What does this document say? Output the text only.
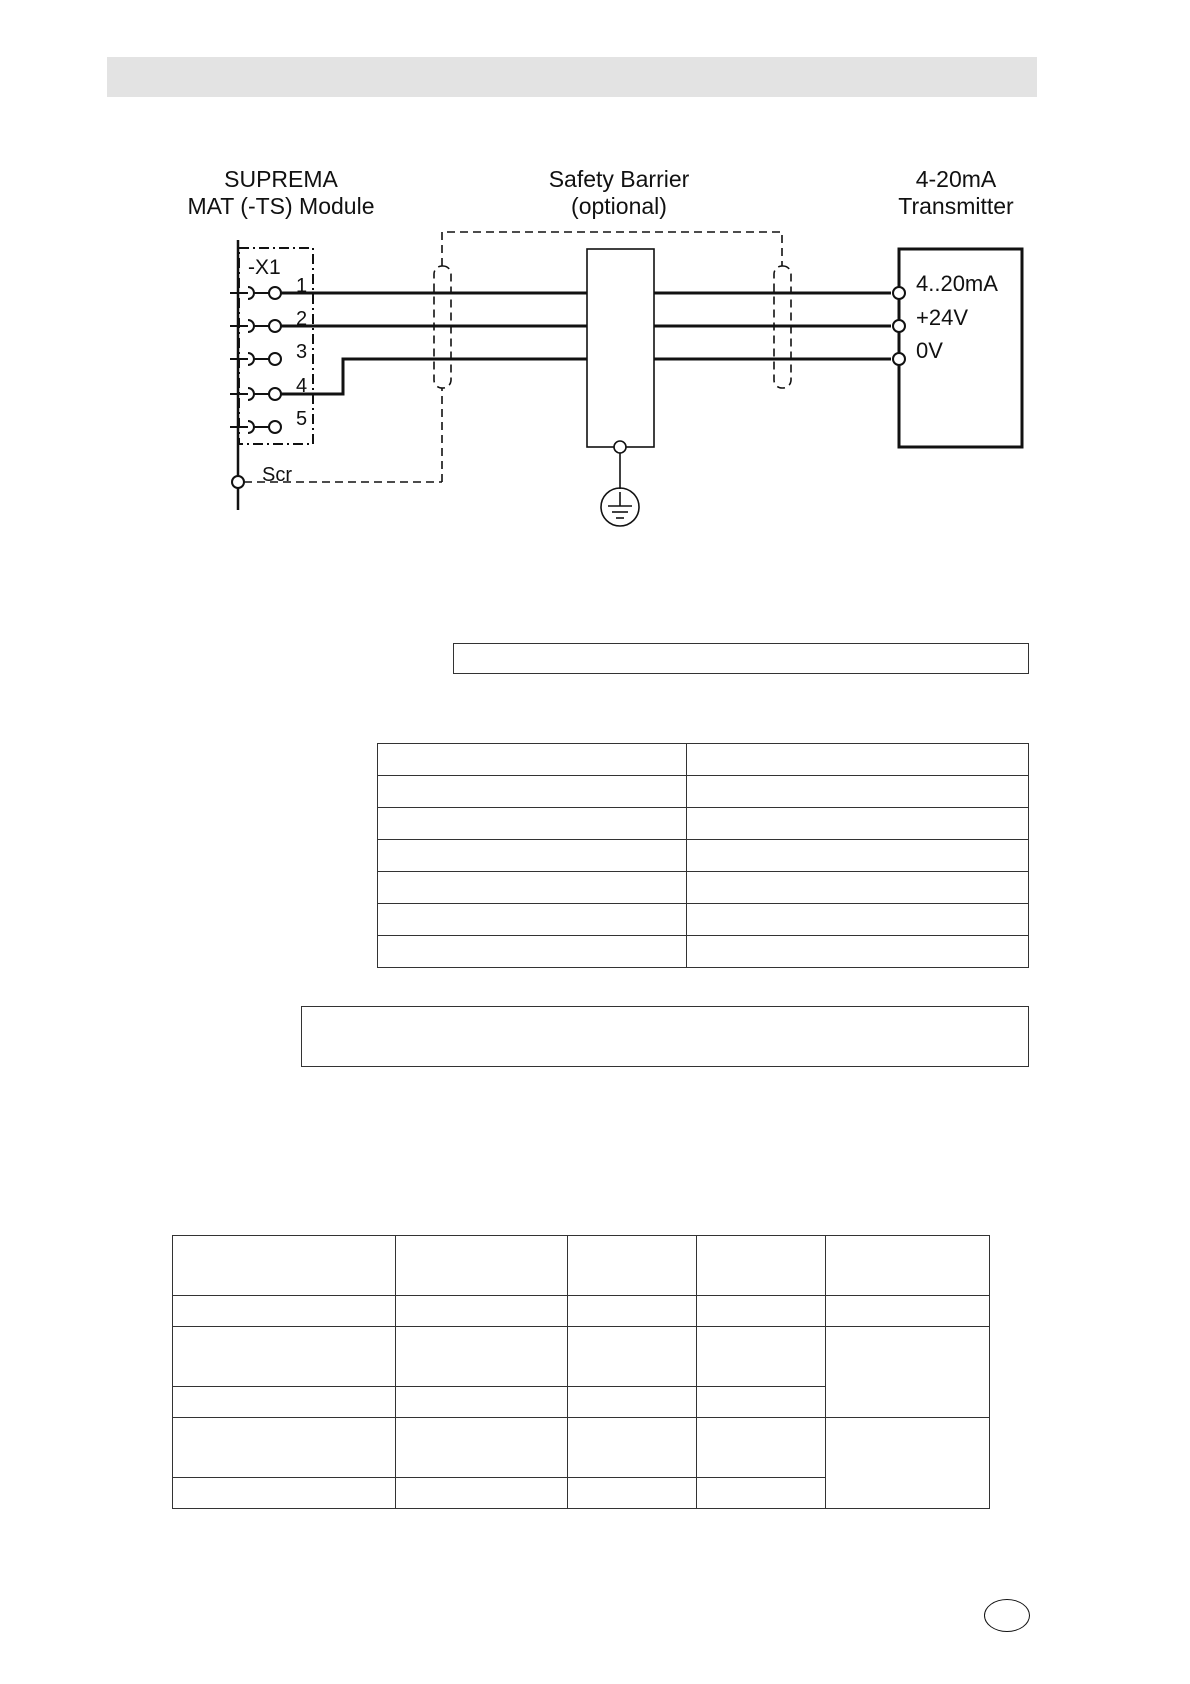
SUPREMA
MAT (-TS) Module
Safety Barrier
(optional)
4-20mA
Transmitter
-X1
1
2
3
4
5
Scr
4..20mA
+24V
0V
